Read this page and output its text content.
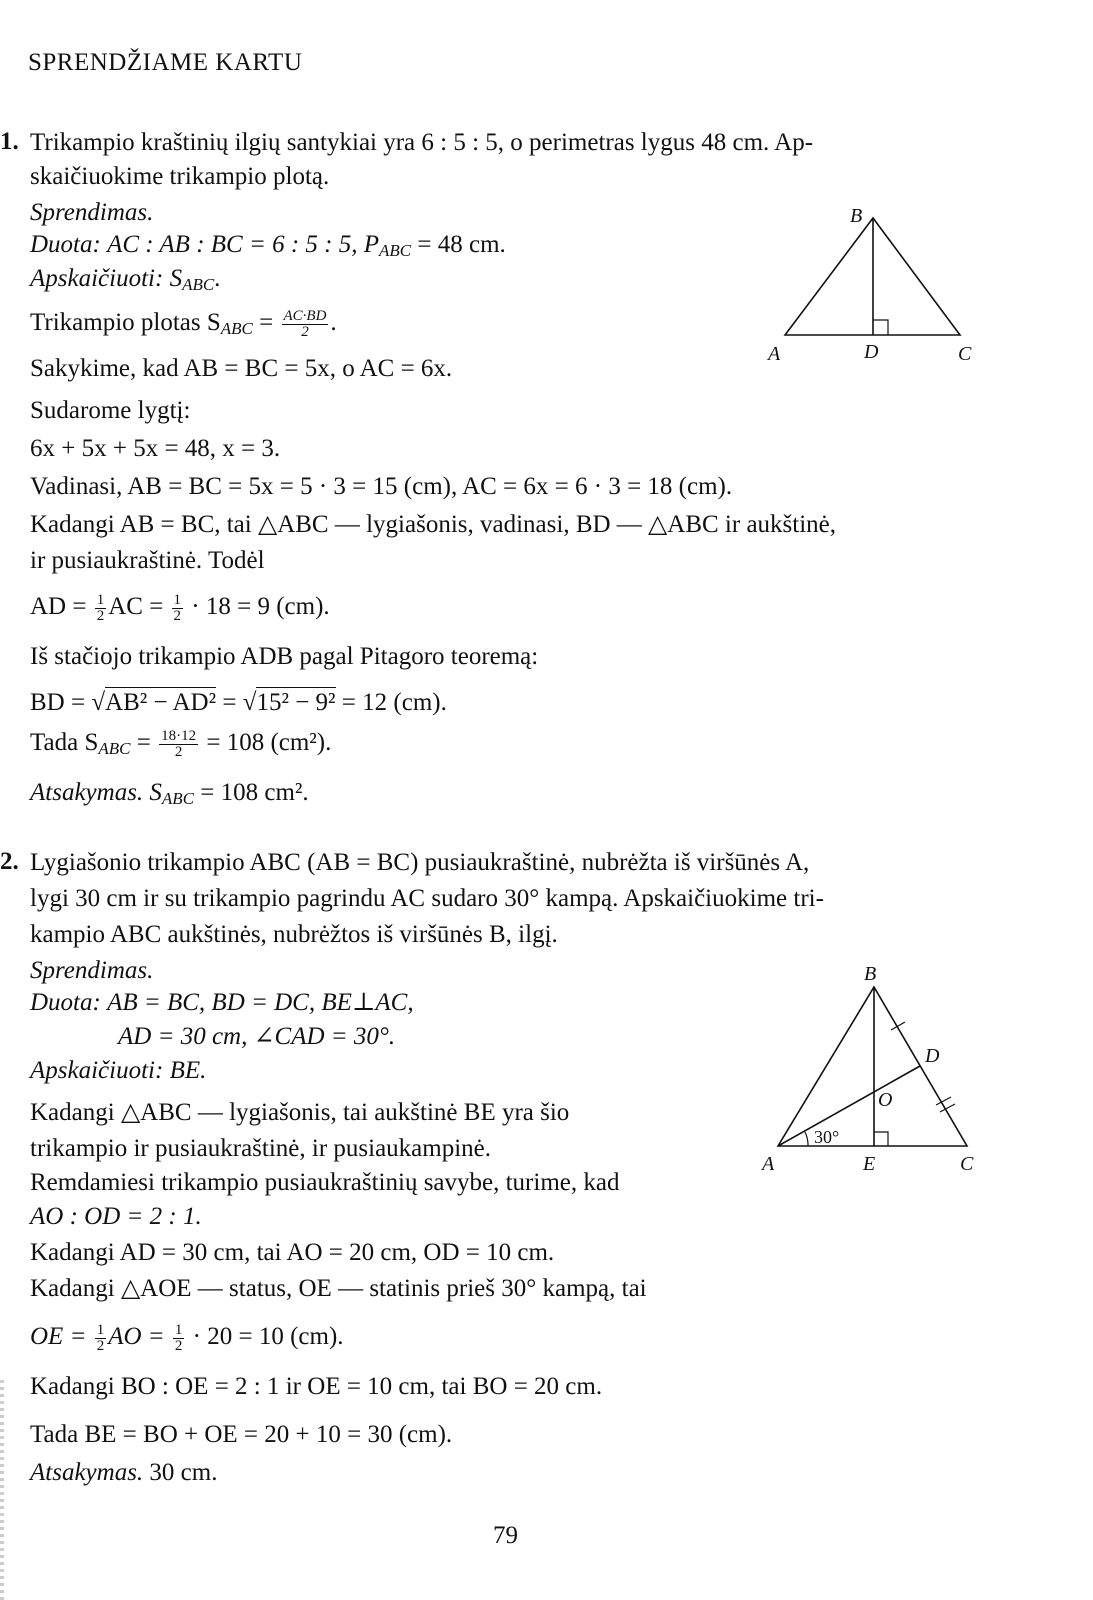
SPRENDŽIAME KARTU
1. Trikampio kraštinių ilgių santykiai yra 6 : 5 : 5, o perimetras lygus 48 cm. Ap-
skaičiuokime trikampio plotą.
Sprendimas.
Duota: AC : AB : BC = 6 : 5 : 5, $P_{ABC} = 48$ cm.
Apskaičiuoti: $S_{ABC}$.
Trikampio plotas $S_{ABC} = \frac{AC\cdot BD}{2}$ .
Sakykime, kad AB = BC = 5x, o AC = 6x.
Sudarome lygtį:
6x + 5x + 5x = 48, x = 3.
Vadinasi, AB = BC = 5x = 5 · 3 = 15 (cm), AC = 6x = 6 · 3 = 18 (cm).
Kadangi AB = BC, tai △ABC — lygiašonis, vadinasi, BD — △ABC ir aukštinė,
ir pusiaukraštinė. Todėl
AD = $\frac{1}{2}$ AC = $\frac{1}{2} \cdot 18 = 9$ (cm).
Iš stačiojo trikampio ADB pagal Pitagoro teoremą:
BD = √AB² − AD² = √15² − 9² = 12 (cm).
Tada $S_{ABC} = \frac{18\cdot 12}{2} = 108$ (cm²).
Atsakymas. $S_{ABC} = 108$ cm².
B
A	D	C
2. Lygiašonio trikampio ABC (AB = BC) pusiaukraštinė, nubrėžta iš viršūnės A,
lygi 30 cm ir su trikampio pagrindu AC sudaro 30° kampą. Apskaičiuokime tri-
kampio ABC aukštinės, nubrėžtos iš viršūnės B, ilgį.
Sprendimas.
Duota: AB = BC, BD = DC, BE⊥AC,
AD = 30 cm, ∠CAD = 30°.
Apskaičiuoti: BE.
Kadangi △ABC — lygiašonis, tai aukštinė BE yra šio
trikampio ir pusiaukraštinė, ir pusiaukampinė.
Remdamiesi trikampio pusiaukraštinių savybe, turime, kad
AO : OD = 2 : 1.
Kadangi AD = 30 cm, tai AO = 20 cm, OD = 10 cm.
Kadangi △AOE — status, OE — statinis prieš 30° kampą, tai
OE = $\frac{1}{2}$ AO = $\frac{1}{2} \cdot 20 = 10$ (cm).
Kadangi BO : OE = 2 : 1 ir OE = 10 cm, tai BO = 20 cm.
Tada BE = BO + OE = 20 + 10 = 30 (cm).
Atsakymas. 30 cm.
B
D
O
30°
A	E	C
79
